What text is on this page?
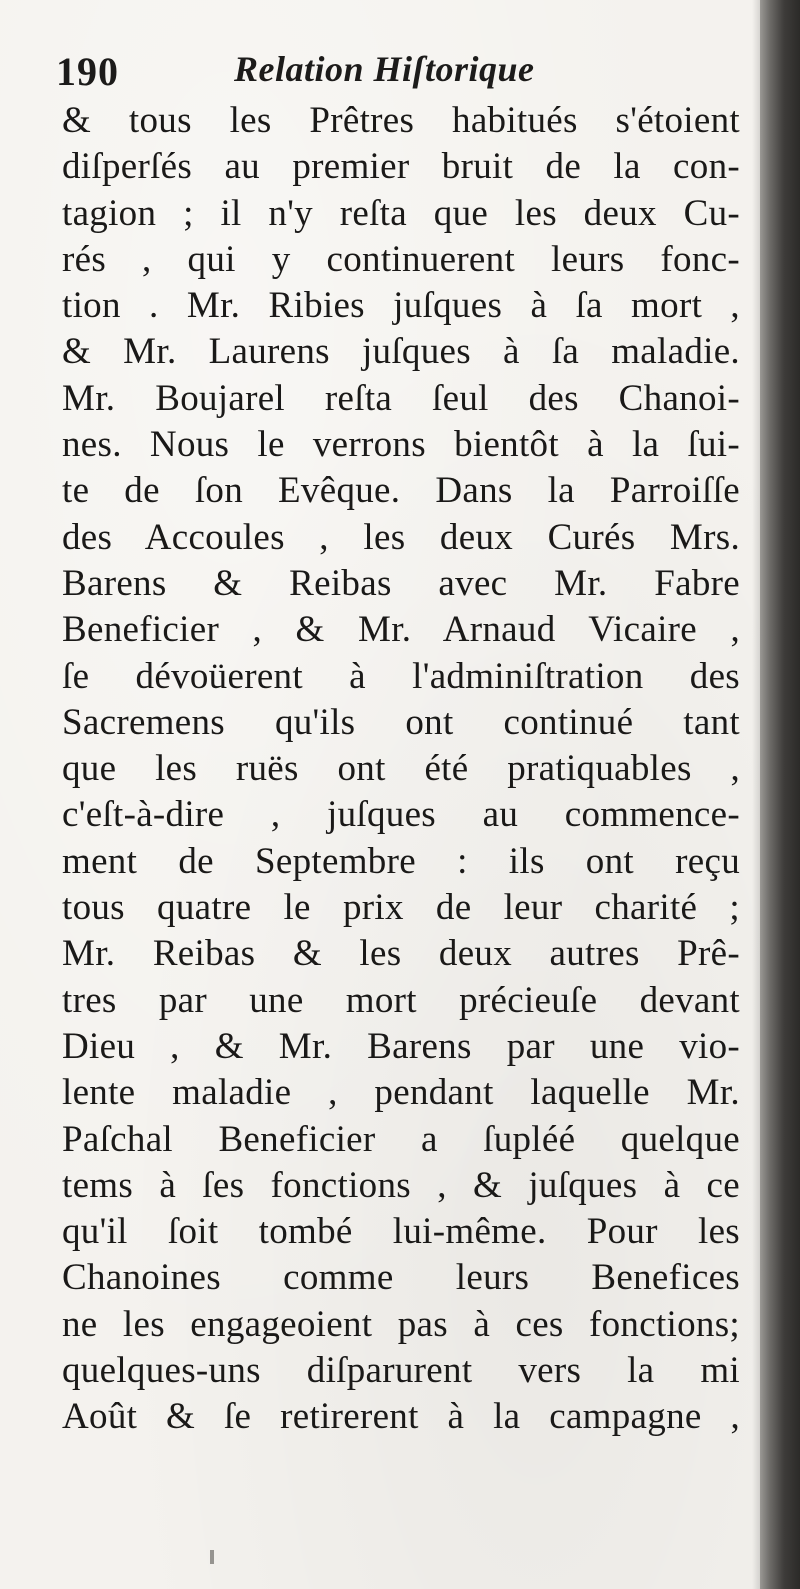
190	Relation Hiſtorique
& tous les Prêtres habitués s'étoient
diſperſés au premier bruit de la con-
tagion ; il n'y reſta que les deux Cu-
rés , qui y continuerent leurs fonc-
tion . Mr. Ribies juſques à ſa mort ,
& Mr. Laurens juſques à ſa maladie.
Mr. Boujarel reſta ſeul des Chanoi-
nes. Nous le verrons bientôt à la ſui-
te de ſon Evêque. Dans la Parroiſſe
des Accoules , les deux Curés Mrs.
Barens & Reibas avec Mr. Fabre
Beneficier , & Mr. Arnaud Vicaire ,
ſe dévoüerent à l'adminiſtration des
Sacremens qu'ils ont continué tant
que les ruës ont été pratiquables ,
c'eſt-à-dire , juſques au commence-
ment de Septembre : ils ont reçu
tous quatre le prix de leur charité ;
Mr. Reibas & les deux autres Prê-
tres par une mort précieuſe devant
Dieu , & Mr. Barens par une vio-
lente maladie , pendant laquelle Mr.
Paſchal Beneficier a ſupléé quelque
tems à ſes fonctions , & juſques à ce
qu'il ſoit tombé lui-même. Pour les
Chanoines comme leurs Benefices
ne les engageoient pas à ces fonctions;
quelques-uns diſparurent vers la mi
Août & ſe retirerent à la campagne ,
